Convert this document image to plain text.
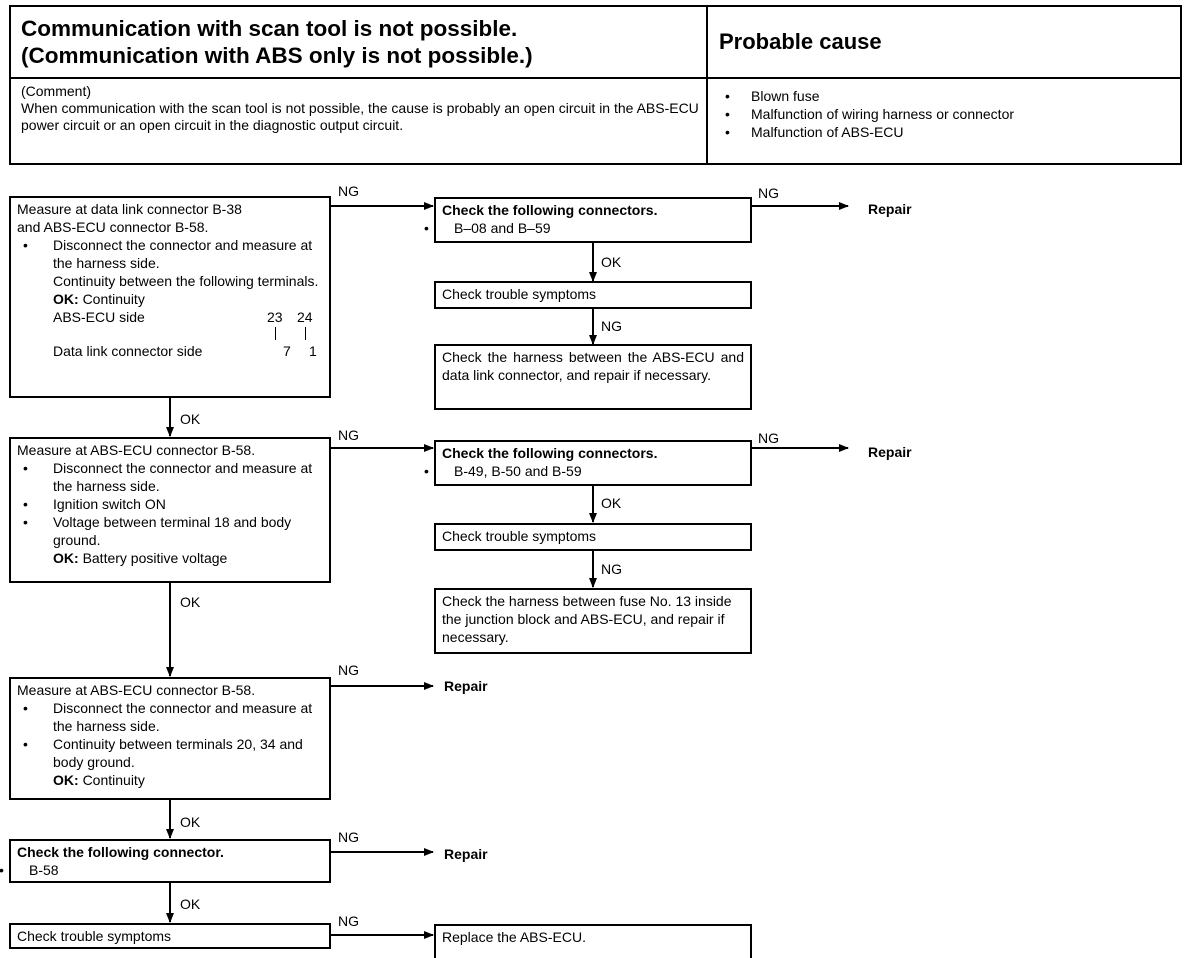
Communication with scan tool is not possible.
(Communication with ABS only is not possible.)
Probable cause
(Comment)
When communication with the scan tool is not possible, the cause is probably an open circuit in the ABS-ECU power circuit or an open circuit in the diagnostic output circuit.
• Blown fuse
• Malfunction of wiring harness or connector
• Malfunction of ABS-ECU
Measure at data link connector B-38
and ABS-ECU connector B-58.
• Disconnect the connector and measure at the harness side.
Continuity between the following terminals.
OK: Continuity
ABS-ECU side	23 24
Data link connector side	7 1
NG	NG
Repair
Check the following connectors.
• B–08 and B–59
OK
Check trouble symptoms
NG
Check the harness between the ABS-ECU and data link connector, and repair if necessary.
OK
Measure at ABS-ECU connector B-58.
• Disconnect the connector and measure at the harness side.
• Ignition switch ON
• Voltage between terminal 18 and body ground.
OK: Battery positive voltage
NG	NG
Repair
Check the following connectors.
• B-49, B-50 and B-59
OK
Check trouble symptoms
NG
Check the harness between fuse No. 13 inside the junction block and ABS-ECU, and repair if necessary.
OK
Measure at ABS-ECU connector B-58.
• Disconnect the connector and measure at the harness side.
• Continuity between terminals 20, 34 and body ground.
OK: Continuity
NG
Repair
OK
Check the following connector.
• B-58
NG
Repair
OK
Check trouble symptoms
NG
Replace the ABS-ECU.
